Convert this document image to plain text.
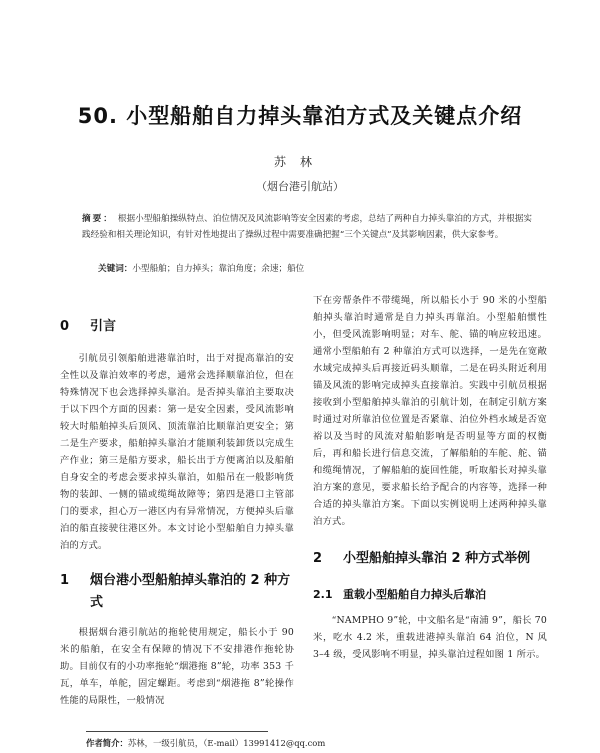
50. 小型船舶自力掉头靠泊方式及关键点介绍
苏林
（烟台港引航站）
摘要： 根据小型船舶操纵特点、泊位情况及风流影响等安全因素的考虑，总结了两种自力掉头靠泊的方式，并根据实践经验和相关理论知识，有针对性地提出了操纵过程中需要准确把握“三个关键点”及其影响因素，供大家参考。
关键词：小型船舶；自力掉头；靠泊角度；余速；船位
0	引言

引航员引领船舶进港靠泊时，出于对提高靠泊的安全性以及靠泊效率的考虑，通常会选择顺靠泊位，但在特殊情况下也会选择掉头靠泊。是否掉头靠泊主要取决于以下四个方面的因素：第一是安全因素，受风流影响较大时船舶掉头后顶风、顶流靠泊比顺靠泊更安全；第二是生产要求，船舶掉头靠泊才能顺利装卸货以完成生产作业；第三是船方要求，船长出于方便离泊以及船舶自身安全的考虑会要求掉头靠泊，如船吊在一般影响货物的装卸、一侧的锚或缆绳故障等；第四是港口主管部门的要求，担心万一港区内有异常情况，方便掉头后靠泊的船直接驶往港区外。本文讨论小型船舶自力掉头靠泊的方式。

1	烟台港小型船舶掉头靠泊的 2 种方式

根据烟台港引航站的拖轮使用规定，船长小于 90 米的船舶，在安全有保障的情况下不安排港作拖轮协助。目前仅有的小功率拖轮“烟港拖 8”轮，功率 353 千瓦，单车，单舵，固定螺距。考虑到“烟港拖 8”轮操作性能的局限性，一般情况

下在旁帮条件不带缆绳，所以船长小于 90 米的小型船舶掉头靠泊时通常是自力掉头再靠泊。小型船舶惯性小，但受风流影响明显；对车、舵、锚的响应较迅速。通常小型船舶有 2 种靠泊方式可以选择，一是先在宽敞水域完成掉头后再接近码头顺靠，二是在码头附近利用锚及风流的影响完成掉头直接靠泊。实践中引航员根据接收到小型船舶掉头靠泊的引航计划，在制定引航方案时通过对所靠泊位位置是否紧靠、泊位外档水域是否宽裕以及当时的风流对船舶影响是否明显等方面的权衡后，再和船长进行信息交流，了解船舶的车舵、舵、锚和缆绳情况，了解船舶的旋回性能，听取船长对掉头靠泊方案的意见，要求船长给予配合的内容等，选择一种合适的掉头靠泊方案。下面以实例说明上述两种掉头靠泊方式。

2	小型船舶掉头靠泊 2 种方式举例
2.1 重载小型船舶自力掉头后靠泊

“NAMPHO 9”轮，中文船名是“南浦 9”，船长 70 米，吃水 4.2 米，重载进港掉头靠泊 64 泊位，N 风 3–4 级，受风影响不明显，掉头靠泊过程如图 1 所示。

作者简介：苏林，一级引航员，（E-mail）13991412@qq.com
